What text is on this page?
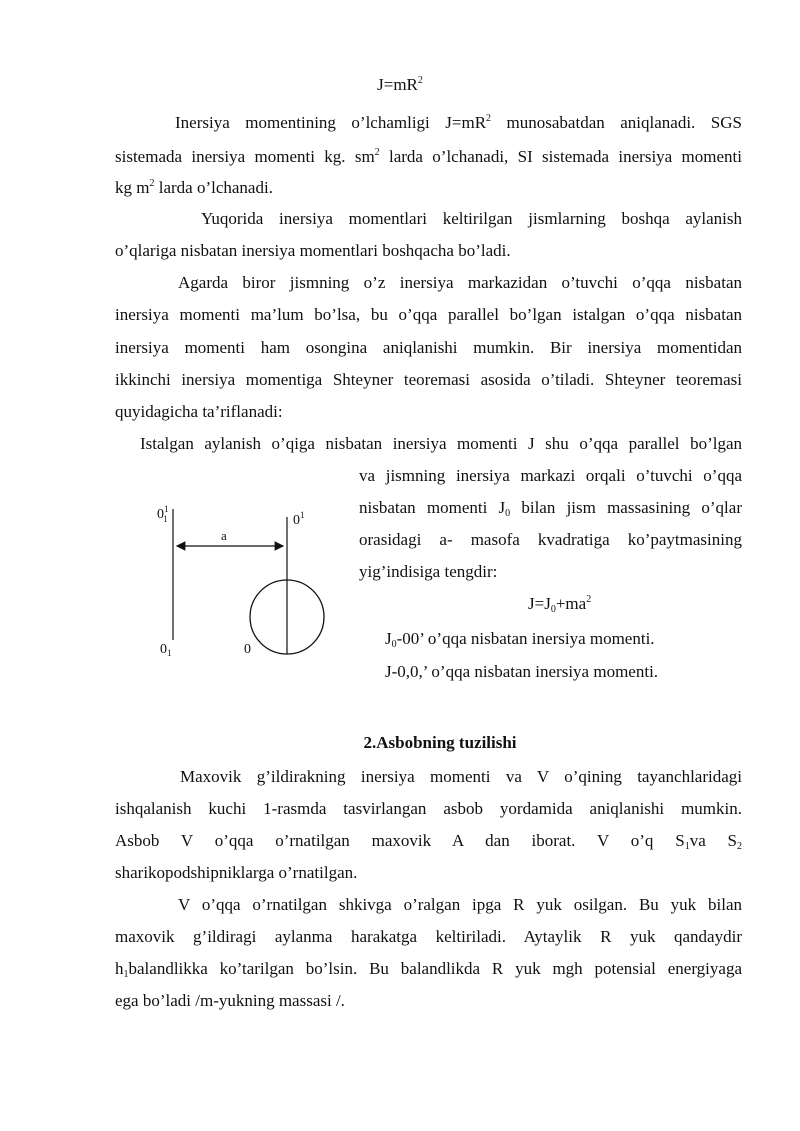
$J=mR^2$
Inersiya momentining o’lchamligi $J=mR^2$ munosabatdan aniqlanadi. SGS
sistemada inersiya momenti kg. $sm^2$ larda o’lchanadi, SI sistemada inersiya momenti
kg $m^2$ larda o’lchanadi.
Yuqorida inersiya momentlari keltirilgan jismlarning boshqa aylanish
o’qlariga nisbatan inersiya momentlari boshqacha bo’ladi.
Agarda biror jismning o’z inersiya markazidan o’tuvchi o’qqa nisbatan
inersiya momenti ma’lum bo’lsa, bu o’qqa parallel bo’lgan istalgan o’qqa nisbatan
inersiya momenti ham osongina aniqlanishi mumkin. Bir inersiya momentidan
ikkinchi inersiya momentiga Shteyner teoremasi asosida o’tiladi. Shteyner teoremasi
quyidagicha ta’riflanadi:
Istalgan aylanish o’qiga nisbatan inersiya momenti J shu o’qqa parallel bo’lgan
va jismning inersiya markazi orqali o’tuvchi o’qqa
nisbatan momenti $J_0$ bilan jism massasining o’qlar
orasidagi a- masofa kvadratiga ko’paytmasining
yig’indisiga tengdir:
$J=J_0+ma^2$
$J_0-00$’ o’qqa nisbatan inersiya momenti.
J-0,0,’ o’qqa nisbatan inersiya momenti.
$0^1$ 1	$0^1$
a
$0_1$	0
2.Asbobning tuzilishi
Maxovik g’ildirakning inersiya momenti va V o’qining tayanchlaridagi
ishqalanish kuchi 1-rasmda tasvirlangan asbob yordamida aniqlanishi mumkin.
Asbob V o’qqa o’rnatilgan maxovik A dan iborat. V o’q $S_1va$ $S_2$
sharikopodshipniklarga o’rnatilgan.
V o’qqa o’rnatilgan shkivga o’ralgan ipga R yuk osilgan. Bu yuk bilan
maxovik g’ildiragi aylanma harakatga keltiriladi. Aytaylik R yuk qandaydir
$h_1balandlikka$ ko’tarilgan bo’lsin. Bu balandlikda R yuk mgh potensial energiyaga
ega bo’ladi /m-yukning massasi /.
